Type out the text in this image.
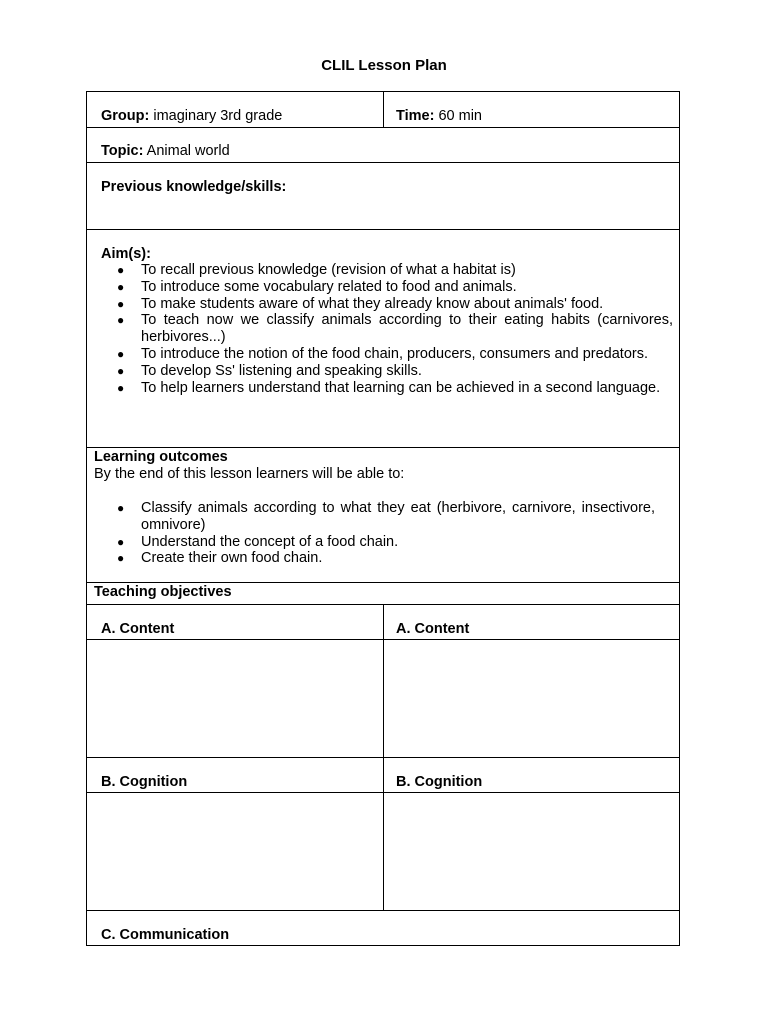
CLIL Lesson Plan
Group: imaginary 3rd grade	Time: 60 min
Topic: Animal world
Previous knowledge/skills:
Aim(s):
● To recall previous knowledge (revision of what a habitat is)
● To introduce some vocabulary related to food and animals.
● To make students aware of what they already know about animals' food.
● To teach now we classify animals according to their eating habits (carnivores, herbivores...)
● To introduce the notion of the food chain, producers, consumers and predators.
● To develop Ss' listening and speaking skills.
● To help learners understand that learning can be achieved in a second language.
Learning outcomes
By the end of this lesson learners will be able to:
● Classify animals according to what they eat (herbivore, carnivore, insectivore, omnivore)
● Understand the concept of a food chain.
● Create their own food chain.
Teaching objectives
A. Content	A. Content
B. Cognition	B. Cognition
C. Communication
